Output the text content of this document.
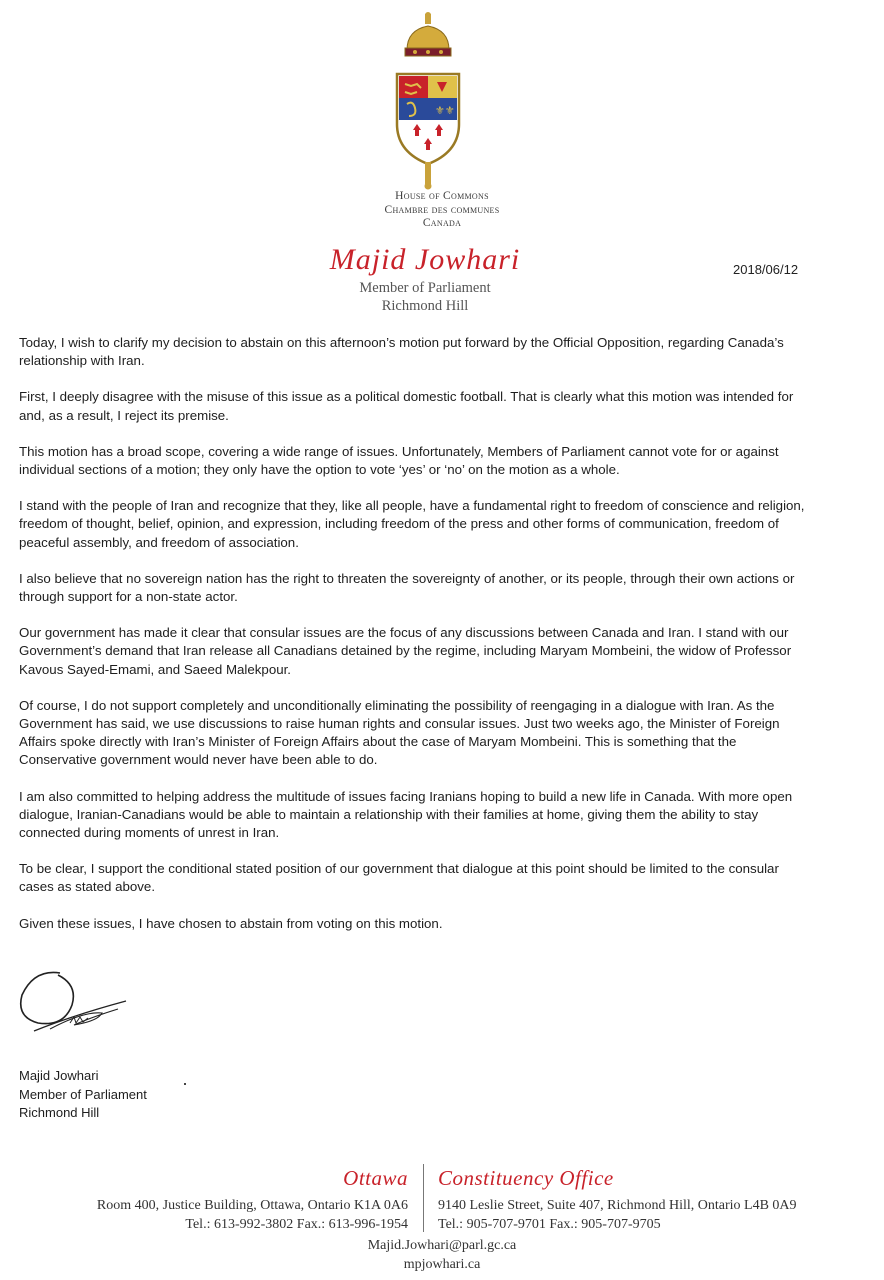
⚜⚜
House of Commons
Chambre des communes
Canada
Majid Jowhari
Member of Parliament
Richmond Hill
2018/06/12

Today, I wish to clarify my decision to abstain on this afternoon’s motion put forward by the Official Opposition, regarding Canada’s relationship with Iran.

First, I deeply disagree with the misuse of this issue as a political domestic football. That is clearly what this motion was intended for and, as a result, I reject its premise.

This motion has a broad scope, covering a wide range of issues. Unfortunately, Members of Parliament cannot vote for or against individual sections of a motion; they only have the option to vote ‘yes’ or ‘no’ on the motion as a whole.

I stand with the people of Iran and recognize that they, like all people, have a fundamental right to freedom of conscience and religion, freedom of thought, belief, opinion, and expression, including freedom of the press and other forms of communication, freedom of peaceful assembly, and freedom of association.

I also believe that no sovereign nation has the right to threaten the sovereignty of another, or its people, through their own actions or through support for a non-state actor.

Our government has made it clear that consular issues are the focus of any discussions between Canada and Iran. I stand with our Government’s demand that Iran release all Canadians detained by the regime, including Maryam Mombeini, the widow of Professor Kavous Sayed-Emami, and Saeed Malekpour.

Of course, I do not support completely and unconditionally eliminating the possibility of reengaging in a dialogue with Iran. As the Government has said, we use discussions to raise human rights and consular issues. Just two weeks ago, the Minister of Foreign Affairs spoke directly with Iran’s Minister of Foreign Affairs about the case of Maryam Mombeini. This is something that the Conservative government would never have been able to do.

I am also committed to helping address the multitude of issues facing Iranians hoping to build a new life in Canada. With more open dialogue, Iranian-Canadians would be able to maintain a relationship with their families at home, giving them the ability to stay connected during moments of unrest in Iran.

To be clear, I support the conditional stated position of our government that dialogue at this point should be limited to the consular cases as stated above.

Given these issues, I have chosen to abstain from voting on this motion.

Majid Jowhari
Member of Parliament
Richmond Hill
Ottawa
Room 400, Justice Building, Ottawa, Ontario K1A 0A6
Tel.: 613-992-3802 Fax.: 613-996-1954
Constituency Office
9140 Leslie Street, Suite 407, Richmond Hill, Ontario L4B 0A9
Tel.: 905-707-9701 Fax.: 905-707-9705
Majid.Jowhari@parl.gc.ca
mpjowhari.ca
